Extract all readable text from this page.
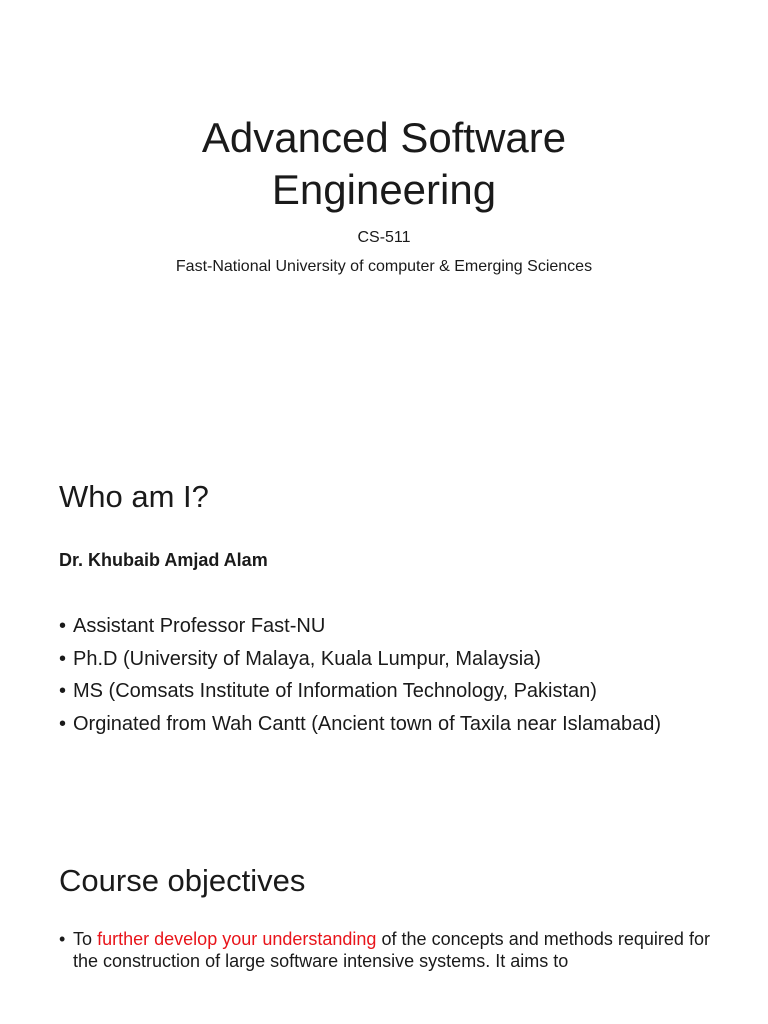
Advanced Software
Engineering

CS-511

Fast-National University of computer & Emerging Sciences

Who am I?

Dr. Khubaib Amjad Alam

• Assistant Professor Fast-NU
• Ph.D (University of Malaya, Kuala Lumpur, Malaysia)
• MS (Comsats Institute of Information Technology, Pakistan)
• Orginated from Wah Cantt (Ancient town of Taxila near Islamabad)
Course objectives

• To further develop your understanding of the concepts and methods required for the construction of large software intensive systems. It aims to
